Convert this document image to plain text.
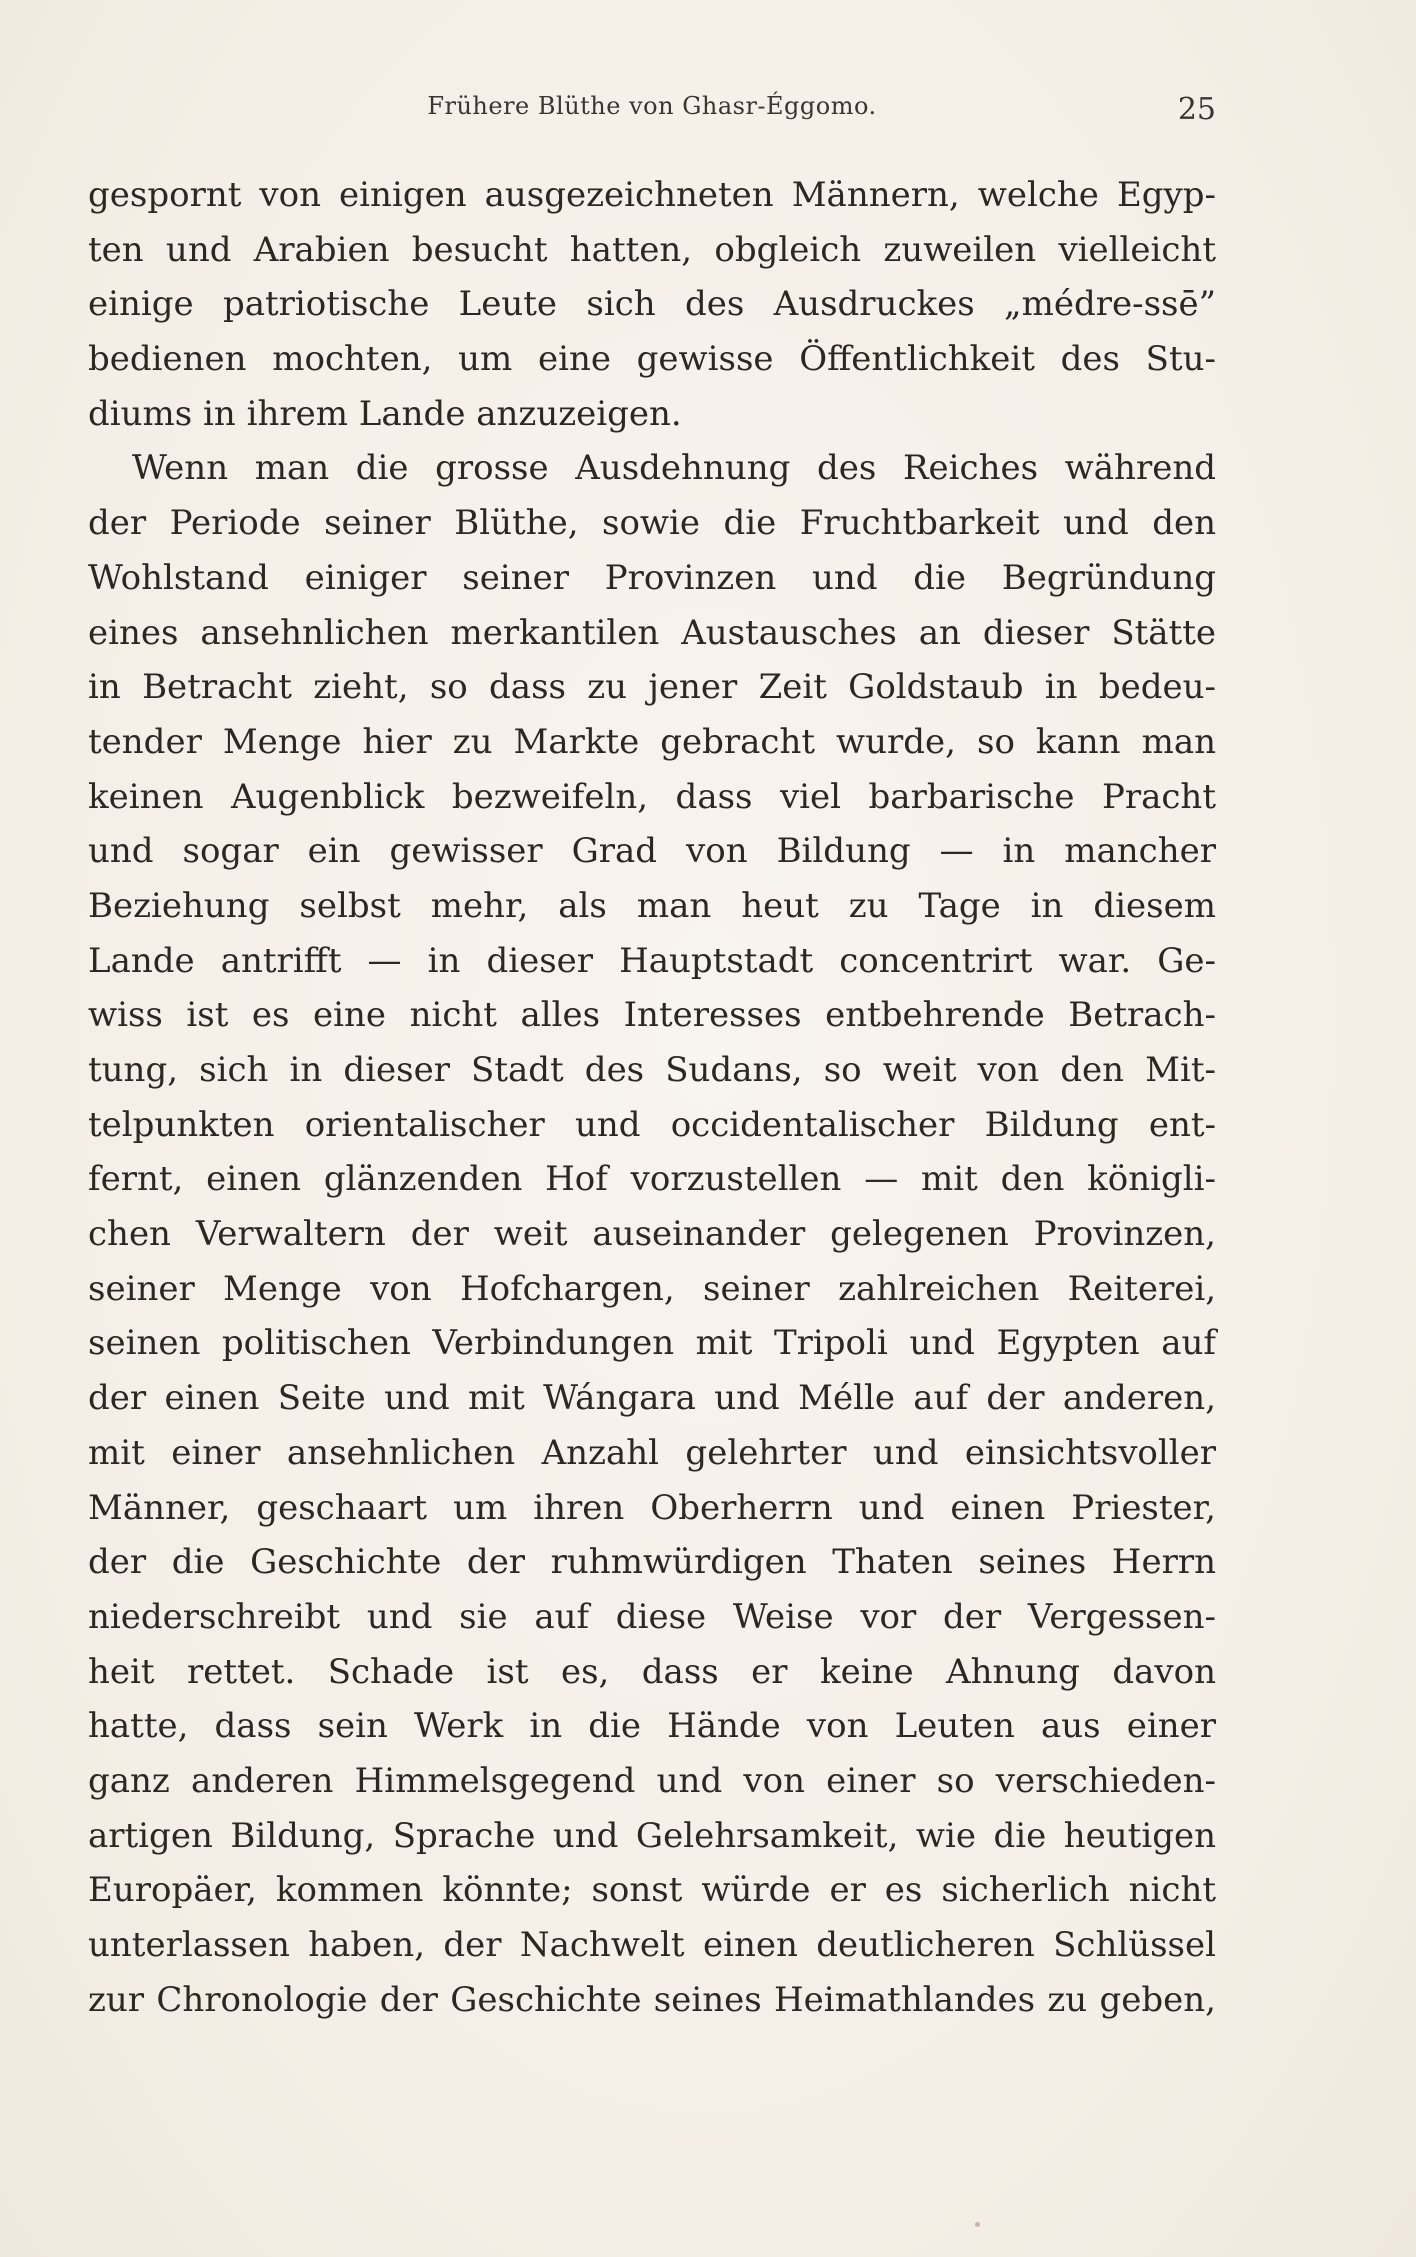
Frühere Blüthe von Ghasr-Éggomo.	25
gespornt von einigen ausgezeichneten Männern, welche Egyp-
ten und Arabien besucht hatten, obgleich zuweilen vielleicht
einige patriotische Leute sich des Ausdruckes „médre-ssē”
bedienen mochten, um eine gewisse Öffentlichkeit des Stu-
diums in ihrem Lande anzuzeigen.
Wenn man die grosse Ausdehnung des Reiches während
der Periode seiner Blüthe, sowie die Fruchtbarkeit und den
Wohlstand einiger seiner Provinzen und die Begründung
eines ansehnlichen merkantilen Austausches an dieser Stätte
in Betracht zieht, so dass zu jener Zeit Goldstaub in bedeu-
tender Menge hier zu Markte gebracht wurde, so kann man
keinen Augenblick bezweifeln, dass viel barbarische Pracht
und sogar ein gewisser Grad von Bildung — in mancher
Beziehung selbst mehr, als man heut zu Tage in diesem
Lande antrifft — in dieser Hauptstadt concentrirt war. Ge-
wiss ist es eine nicht alles Interesses entbehrende Betrach-
tung, sich in dieser Stadt des Sudans, so weit von den Mit-
telpunkten orientalischer und occidentalischer Bildung ent-
fernt, einen glänzenden Hof vorzustellen — mit den königli-
chen Verwaltern der weit auseinander gelegenen Provinzen,
seiner Menge von Hofchargen, seiner zahlreichen Reiterei,
seinen politischen Verbindungen mit Tripoli und Egypten auf
der einen Seite und mit Wángara und Mélle auf der anderen,
mit einer ansehnlichen Anzahl gelehrter und einsichtsvoller
Männer, geschaart um ihren Oberherrn und einen Priester,
der die Geschichte der ruhmwürdigen Thaten seines Herrn
niederschreibt und sie auf diese Weise vor der Vergessen-
heit rettet. Schade ist es, dass er keine Ahnung davon
hatte, dass sein Werk in die Hände von Leuten aus einer
ganz anderen Himmelsgegend und von einer so verschieden-
artigen Bildung, Sprache und Gelehrsamkeit, wie die heutigen
Europäer, kommen könnte; sonst würde er es sicherlich nicht
unterlassen haben, der Nachwelt einen deutlicheren Schlüssel
zur Chronologie der Geschichte seines Heimathlandes zu geben,
